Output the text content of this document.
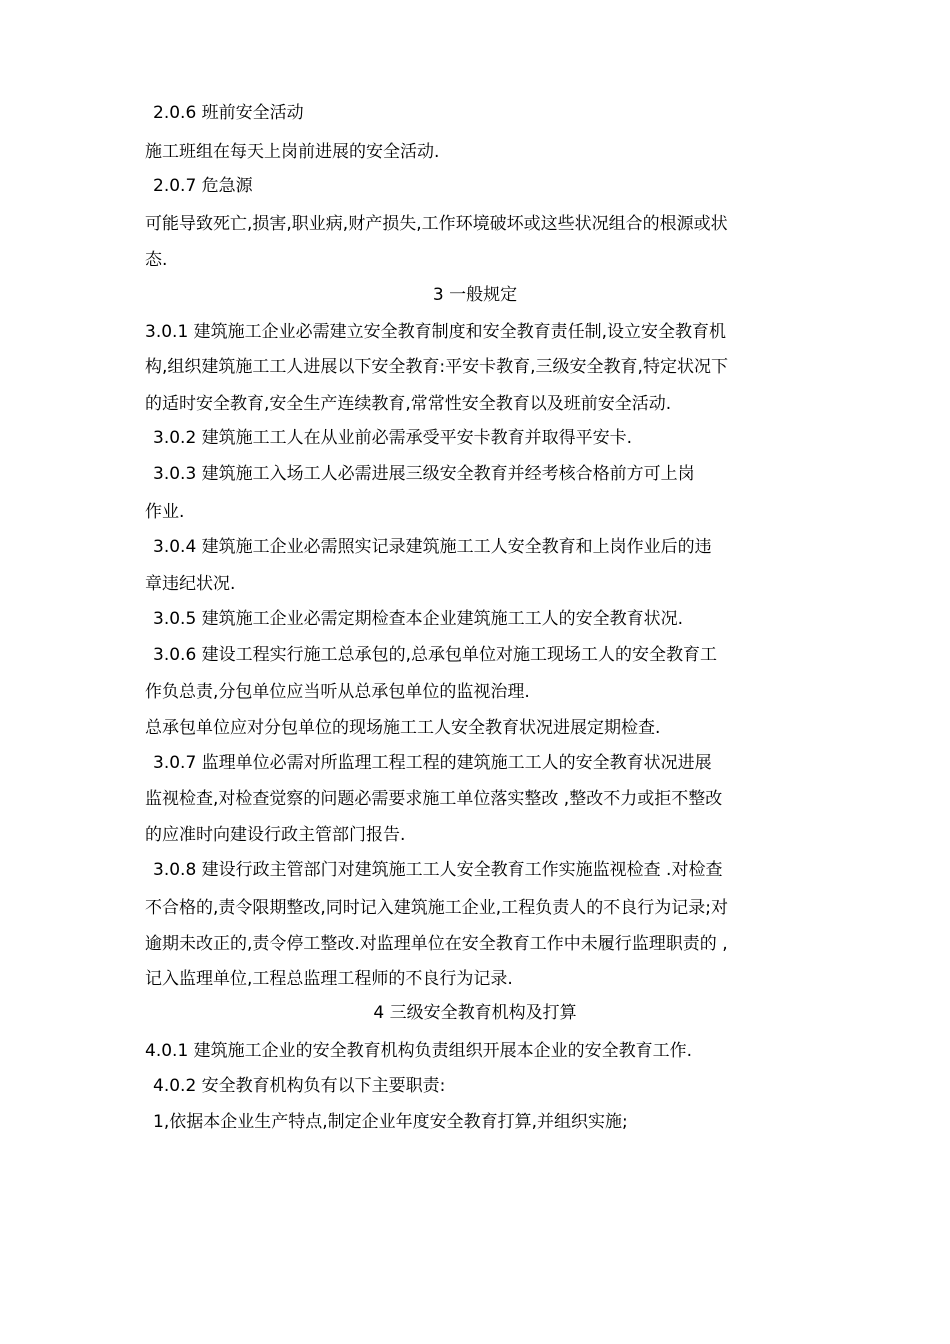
2.0.6 班前安全活动
施工班组在每天上岗前进展的安全活动.
2.0.7 危急源
可能导致死亡,损害,职业病,财产损失,工作环境破坏或这些状况组合的根源或状
态.
3 一般规定
3.0.1 建筑施工企业必需建立安全教育制度和安全教育责任制,设立安全教育机
构,组织建筑施工工人进展以下安全教育:平安卡教育,三级安全教育,特定状况下
的适时安全教育,安全生产连续教育,常常性安全教育以及班前安全活动.
3.0.2 建筑施工工人在从业前必需承受平安卡教育并取得平安卡.
3.0.3 建筑施工入场工人必需进展三级安全教育并经考核合格前方可上岗
作业.
3.0.4 建筑施工企业必需照实记录建筑施工工人安全教育和上岗作业后的违
章违纪状况.
3.0.5 建筑施工企业必需定期检查本企业建筑施工工人的安全教育状况.
3.0.6 建设工程实行施工总承包的,总承包单位对施工现场工人的安全教育工
作负总责,分包单位应当听从总承包单位的监视治理.
总承包单位应对分包单位的现场施工工人安全教育状况进展定期检查.
3.0.7 监理单位必需对所监理工程工程的建筑施工工人的安全教育状况进展
监视检查,对检查觉察的问题必需要求施工单位落实整改 ,整改不力或拒不整改
的应准时向建设行政主管部门报告.
3.0.8 建设行政主管部门对建筑施工工人安全教育工作实施监视检查 .对检查
不合格的,责令限期整改,同时记入建筑施工企业,工程负责人的不良行为记录;对
逾期未改正的,责令停工整改.对监理单位在安全教育工作中未履行监理职责的 ,
记入监理单位,工程总监理工程师的不良行为记录.
4 三级安全教育机构及打算
4.0.1 建筑施工企业的安全教育机构负责组织开展本企业的安全教育工作.
4.0.2 安全教育机构负有以下主要职责:
1,依据本企业生产特点,制定企业年度安全教育打算,并组织实施;
